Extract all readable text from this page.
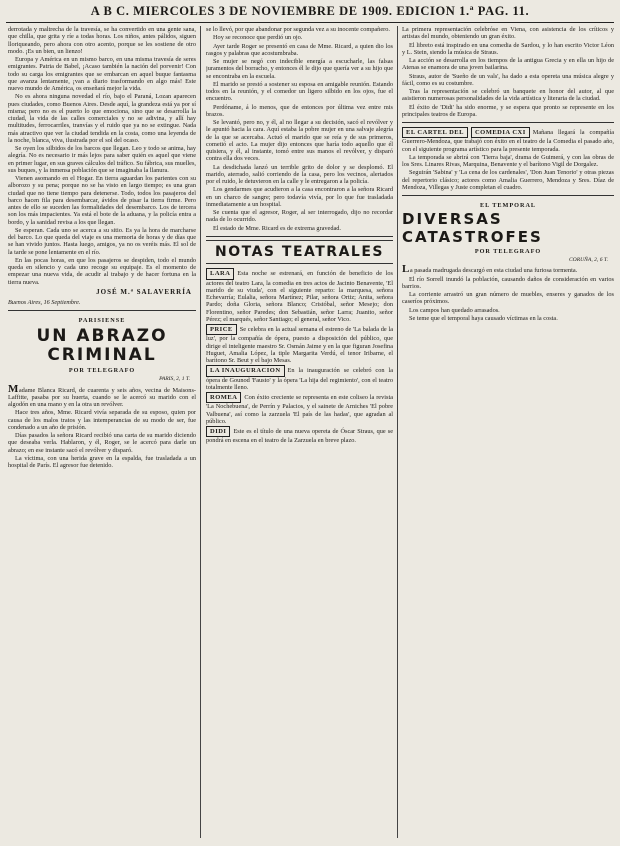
A B C. MIERCOLES 3 DE NOVIEMBRE DE 1909. EDICION 1.ª PAG. 11.

derrotada y maltrecha de la travesía, se ha convertido en una gente sana, que chilla, que grita y ríe a todas horas. Los niños, antes pálidos, siguen lloriqueando, pero ahora con otro acento, porque se les sostiene de otro modo. ¡Es un bien, un lienzo!

Europa y América en un mismo barco, en una misma travesía de seres emigrantes. Patria de Babel, ¡Acaso también la nación del porvenir! Con todo su carga los emigrantes que se embarcan en aquel buque fantasma que avanza lentamente, ¡van a diario trasformando en algo más! Este nuevo mundo de América, os enseñará mejor la vida.

No es ahora ninguna novedad el río, bajo el Paraná, Lozan aparecen pues ciudades, como Buenos Aires. Desde aquí, la grandeza está ya por sí misma; pero no es el puerto lo que emociona, sino que se desarrolla la ciudad, la vida de las calles comerciales y no se adivina, y allí hay multitudes, ferrocarriles, tranvías y el ruido que ya no se extingue. Nada más atractivo que ver la ciudad tendida en la costa, como una leyenda de la noche, blanca, viva, ilustrada por el sol del ocaso.

Se oyen los silbidos de los barcos que llegan. Leo y todo se anima, hay alegría. No es necesario ir más lejos para saber quién es aquel que viene en primer lugar, en sus graves cálculos del tráfico. Su fábrica, sus muelles, sus buques, y la inmensa población que se imaginaba la llanura.

Vienen asomando en el Hogar. En tierra aguardan los parientes con su alborozo y su pena; porque no se ha visto en largo tiempo; es una gran ciudad que no tiene tiempo para detenerse. Todo, todos los pasajeros del barco hacen fila para desembarcar, ávidos de pisar la tierra firme. Pero antes de ello se suceden las formalidades del desembarco. Los de tercera son los más impacientes. Ya está el bote de la aduana, y la policía entra a bordo, y la sanidad revisa a los que llegan.

Se esperan. Cada uno se acerca a su sitio. Es ya la hora de marcharse del barco. Lo que queda del viaje es una memoria de horas y de días que se han vivido juntos. Hasta luego, amigos, ya no os veréis más. El sol de la tarde se pone lentamente en el río.

En las pocas horas, en que los pasajeros se despiden, todo el mundo queda en silencio y cada uno recoge su equipaje. Es el momento de empezar una nueva vida, de acudir al trabajo y de hacer fortuna en la tierra nueva.

JOSÉ M.ª SALAVERRÍA
Buenos Aires, 16 Septiembre.
PARISIENSE
UN ABRAZO
CRIMINAL
POR TELEGRAFO
PARIS, 2, 1 T.

Madame Blanca Ricard, de cuarenta y seis años, vecina de Maisons-Laffitte, pasaba por su huerta, cuando se le acercó su marido con el algodón en una mano y en la otra un revólver.

Hace tres años, Mme. Ricard vivía separada de su esposo, quien por causa de los malos tratos y las intemperancias de su modo de ser, fue condenado a un año de prisión.

Días pasados la señora Ricard recibió una carta de su marido diciendo que deseaba verla. Hablaron, y él, Roger, se le acercó para darle un abrazo; en ese instante sacó el revólver y disparó.

La víctima, con una herida grave en la espalda, fue trasladada a un hospital de París. El agresor fue detenido.

se lo llevó, por que abandonar por segunda vez a su inocente compañero.

Hoy se reconoce que perdió un ojo.

Ayer tarde Roger se presentó en casa de Mme. Ricard, a quien dio los rasgos y palabras que acostumbraba.

Se mujer se negó con indecible energía a escucharle, las falsas juramentos del borracho, y entonces él le dijo que quería ver a su hijo que se encontraba en la escuela.

El marido se prestó a sostener su esposa en amigable reunión. Estando todos en la reunión, y el comedor un ligero silbido en los ojos, fue el encuentro.

Perdóname, á lo menos, que de entonces por última vez entre mis brazos.

Se levantó, pero no, y él, al no llegar a su decisión, sacó el revólver y le apuntó hacia la cara. Aquí estaba la pobre mujer en una salvaje alegría de la que se acercaba. Actuó el marido que se reía y de sus primeros, cometió el acto. La mujer dijo entonces que haría todo aquello que él quisiera, y él, al instante, tomó entre sus manos el revólver, y disparó contra ella dos veces.

La desdichada lanzó un terrible grito de dolor y se desplomó. El marido, aterrado, salió corriendo de la casa, pero los vecinos, alertados por el ruido, le detuvieron en la calle y le entregaron a la policía.

Los gendarmes que acudieron a la casa encontraron a la señora Ricard en un charco de sangre; pero todavía vivía, por lo que fue trasladada inmediatamente a un hospital.

Se cuenta que el agresor, Roger, al ser interrogado, dijo no recordar nada de lo ocurrido.

El estado de Mme. Ricard es de extrema gravedad.

NOTAS TEATRALES

LARA Esta noche se estrenará, en función de beneficio de los actores del teatro Lara, la comedia en tres actos de Jacinto Benavente, 'El marido de su viuda', con el siguiente reparto: la marquesa, señora Echevarría; Eulalia, señora Martínez; Pilar, señora Ortiz; Anita, señora Pardo; doña Gloria, señora Blanco; Cristóbal, señor Mesejo; don Florentino, señor Paredes; don Sebastián, señor Larra; Juanito, señor Pérez; el marqués, señor Santiago; el general, señor Vico.

PRICE Se celebra en la actual semana el estreno de 'La balada de la luz', por la compañía de ópera, puesto a disposición del público, que dirige el inteligente maestro Sr. Osmán Jaime y en la que figuran Josefina Huguet, Amalia López, la tiple Margarita Verdú, el tenor Iribarne, el barítono Sr. Beut y el bajo Mesas.

LA INAUGURACION En la inauguración se celebró con la ópera de Gounod 'Fausto' y la ópera 'La hija del regimiento', con el teatro totalmente lleno.

ROMEA Con éxito creciente se representa en este coliseo la revista 'La Nochebuena', de Perrín y Palacios, y el sainete de Arniches 'El pobre Valbuena', así como la zarzuela 'El país de las hadas', que agradan al público.

DIDI Este es el título de una nueva opereta de Óscar Straus, que se pondrá en escena en el teatro de la Zarzuela en breve plazo.

La primera representación celebróse en Viena, con asistencia de los críticos y artistas del mundo, obteniendo un gran éxito.

El libreto está inspirado en una comedia de Sardou, y lo han escrito Victor Léon y L. Stein, siendo la música de Straus.

La acción se desarrolla en los tiempos de la antigua Grecia y en ella un hijo de Atenas se enamora de una joven bailarina.

Straus, autor de 'Sueño de un vals', ha dado a esta opereta una música alegre y fácil, como es su costumbre.

Tras la representación se celebró un banquete en honor del autor, al que asistieron numerosas personalidades de la vida artística y literaria de la ciudad.

El éxito de 'Didi' ha sido enorme, y se espera que pronto se represente en los principales teatros de Europa.

EL CARTEL DEL COMEDIA CXI Mañana llegará la compañía Guerrero-Mendoza, que trabajó con éxito en el teatro de la Comedia el pasado año, con el siguiente programa artístico para la presente temporada.

La temporada se abrirá con 'Tierra baja', drama de Guimerá, y con las obras de los Sres. Linares Rivas, Marquina, Benavente y el barítono Vigil de Dorgalez.

Seguirán 'Sabina' y 'La cena de los cardenales', 'Don Juan Tenorio' y otras piezas del repertorio clásico; actores como Amalia Guerrero, Mendoza y Sres. Díaz de Mendoza, Villegas y Juste completan el cuadro.

EL TEMPORAL
DIVERSAS
CATASTROFES
POR TELEGRAFO
CORUÑA, 2, 6 T.

La pasada madrugada descargó en esta ciudad una furiosa tormenta.

El río Sorrell inundó la población, causando daños de consideración en varios barrios.

La corriente arrastró un gran número de muebles, enseres y ganados de los caseríos próximos.

Los campos han quedado arrasados.

Se teme que el temporal haya causado víctimas en la costa.
